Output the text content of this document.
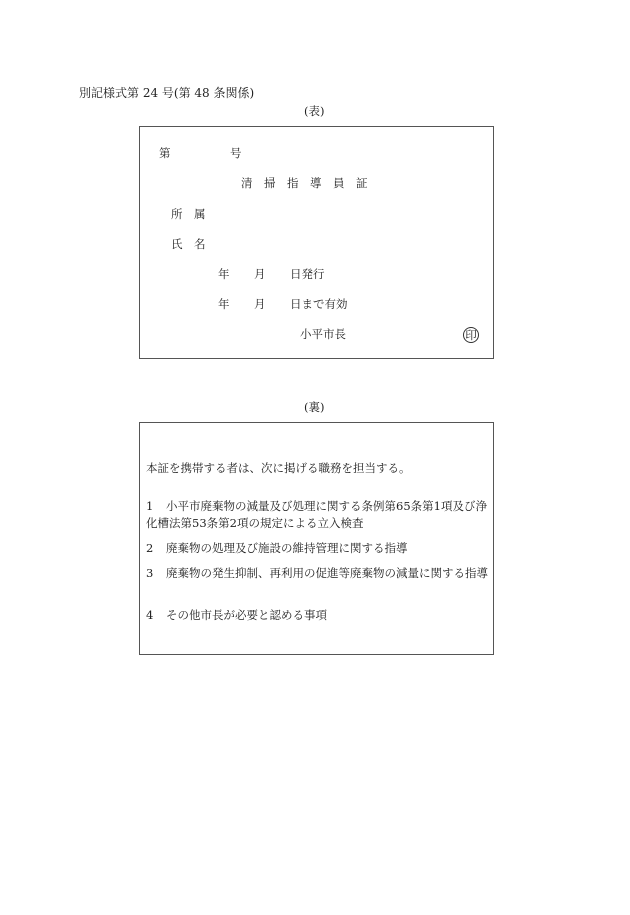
別記様式第 24 号(第 48 条関係)
(表)
第	号
清　掃　指　導　員　証
所　属
氏　名
年 月 日発行
年 月 日まで有効
小平市長	印
(裏)
本証を携帯する者は、次に掲げる職務を担当する。
1	小平市廃棄物の減量及び処理に関する条例第65条第1項及び浄化槽法第53条第2項の規定による立入検査
2	廃棄物の処理及び施設の維持管理に関する指導
3	廃棄物の発生抑制、再利用の促進等廃棄物の減量に関する指導
4	その他市長が必要と認める事項
